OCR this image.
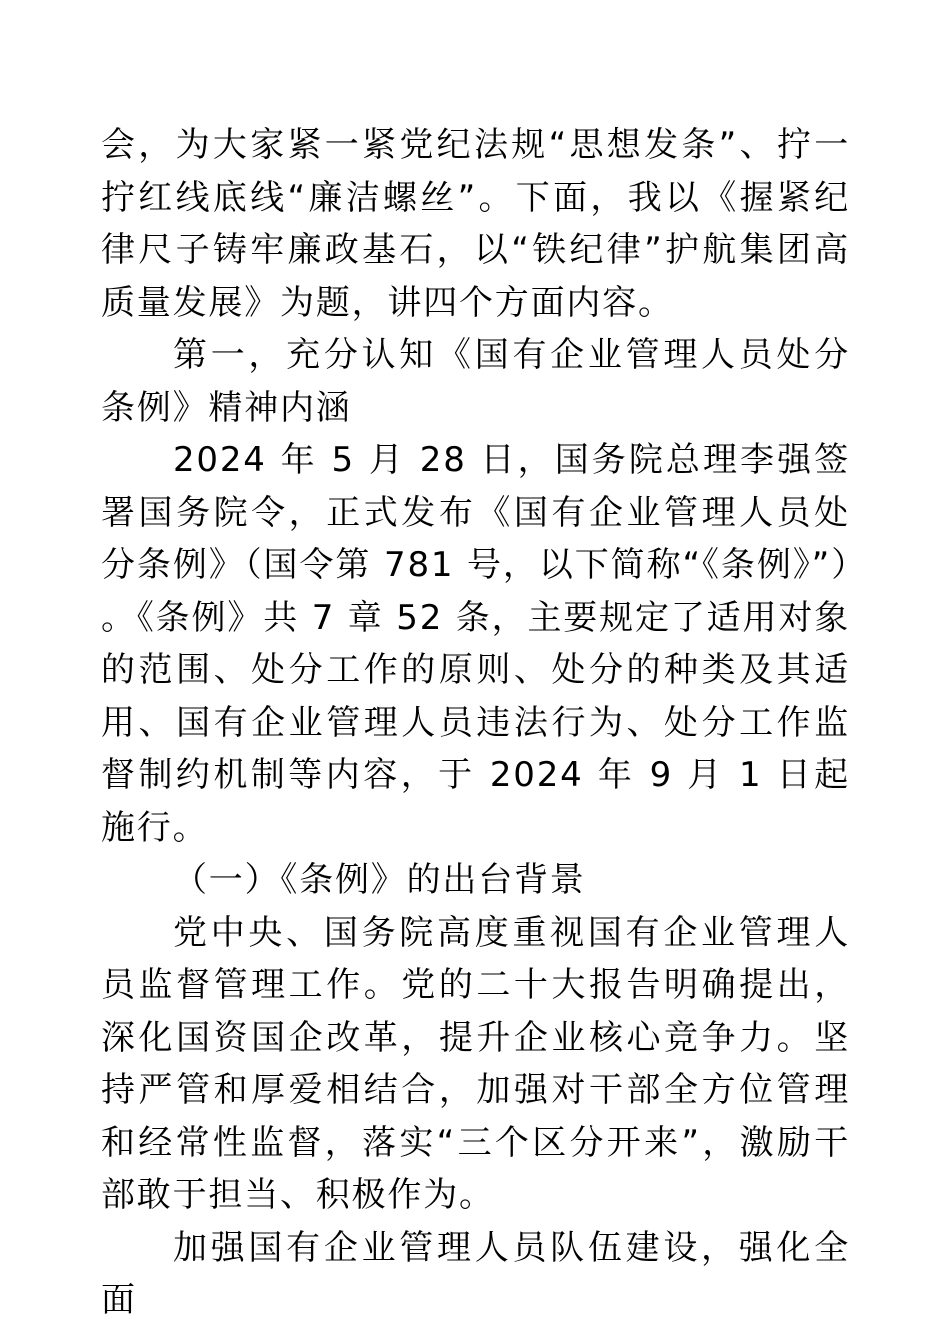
会，为大家紧一紧党纪法规“思想发条”、拧一拧红线底线“廉洁螺丝”。下面，我以《握紧纪律尺子铸牢廉政基石，以“铁纪律”护航集团高质量发展》为题，讲四个方面内容。

第一，充分认知《国有企业管理人员处分条例》精神内涵

2024 年 5 月 28 日，国务院总理李强签署国务院令，正式发布《国有企业管理人员处分条例》（国令第 781 号，以下简称“《条例》”）。《条例》共 7 章 52 条，主要规定了适用对象的范围、处分工作的原则、处分的种类及其适用、国有企业管理人员违法行为、处分工作监督制约机制等内容，于 2024 年 9 月 1 日起施行。

（一）《条例》的出台背景

党中央、国务院高度重视国有企业管理人员监督管理工作。党的二十大报告明确提出，深化国资国企改革，提升企业核心竞争力。坚持严管和厚爱相结合，加强对干部全方位管理和经常性监督，落实“三个区分开来”，激励干部敢于担当、积极作为。

加强国有企业管理人员队伍建设，强化全面
